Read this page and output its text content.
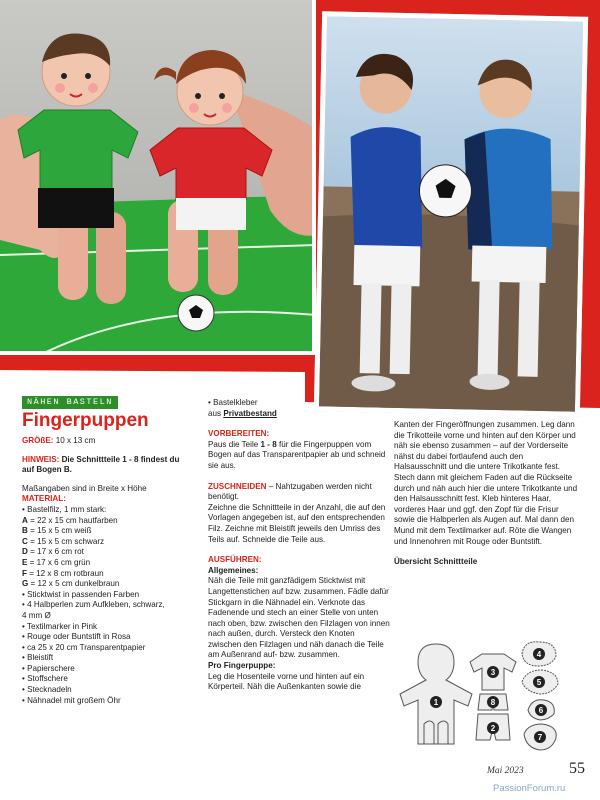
NÄHEN BASTELN
Fingerpuppen
GRÖßE: 10 x 13 cm
HINWEIS: Die Schnittteile 1 - 8 findest du auf Bogen B.
Maßangaben sind in Breite x Höhe
MATERIAL:
• Bastelfilz, 1 mm stark:
A = 22 x 15 cm hautfarben
B = 15 x 5 cm weiß
C = 15 x 5 cm schwarz
D = 17 x 6 cm rot
E = 17 x 6 cm grün
F = 12 x 8 cm rotbraun
G = 12 x 5 cm dunkelbraun
• Sticktwist in passenden Farben
• 4 Halbperlen zum Aufkleben, schwarz,
4 mm Ø
• Textilmarker in Pink
• Rouge oder Buntstift in Rosa
• ca 25 x 20 cm Transparentpapier
• Bleistift
• Papierschere
• Stoffschere
• Stecknadeln
• Nähnadel mit großem Öhr
• Bastelkleber
aus Privatbestand
VORBEREITEN:
Paus die Teile 1 - 8 für die Fingerpuppen vom Bogen auf das Transparentpapier ab und schneid sie aus.
ZUSCHNEIDEN – Nahtzugaben werden nicht benötigt.
Zeichne die Schnittteile in der Anzahl, die auf den Vorlagen angegeben ist, auf den entsprechenden Filz. Zeichne mit Bleistift jeweils den Umriss des Teils auf. Schneide die Teile aus.
AUSFÜHREN:
Allgemeines:
Näh die Teile mit ganzfädigem Sticktwist mit Langettenstichen auf bzw. zusammen. Fädle dafür Stickgarn in die Nähnadel ein. Verknote das Fadenende und stech an einer Stelle von unten nach oben, bzw. zwischen den Filzlagen von innen nach außen, durch. Versteck den Knoten zwischen den Filzlagen und näh danach die Teile am Außenrand auf- bzw. zusammen.
Pro Fingerpuppe:
Leg die Hosenteile vorne und hinten auf ein Körperteil. Näh die Außenkanten sowie die
Kanten der Fingeröffnungen zusammen. Leg dann die Trikotteile vorne und hinten auf den Körper und näh sie ebenso zusammen – auf der Vorderseite nähst du dabei fortlaufend auch den Halsausschnitt und die untere Trikotkante fest. Stech dann mit gleichem Faden auf die Rückseite durch und näh auch hier die untere Trikotkante und den Halsausschnitt fest. Kleb hinteres Haar, vorderes Haar und ggf. den Zopf für die Frisur sowie die Halbperlen als Augen auf. Mal dann den Mund mit dem Textilmarker auf. Röte die Wangen und Innenohren mit Rouge oder Buntstift.
Übersicht Schnittteile
1
2
3
4
5
6
7
8
Mai 2023	55
PassionForum.ru
